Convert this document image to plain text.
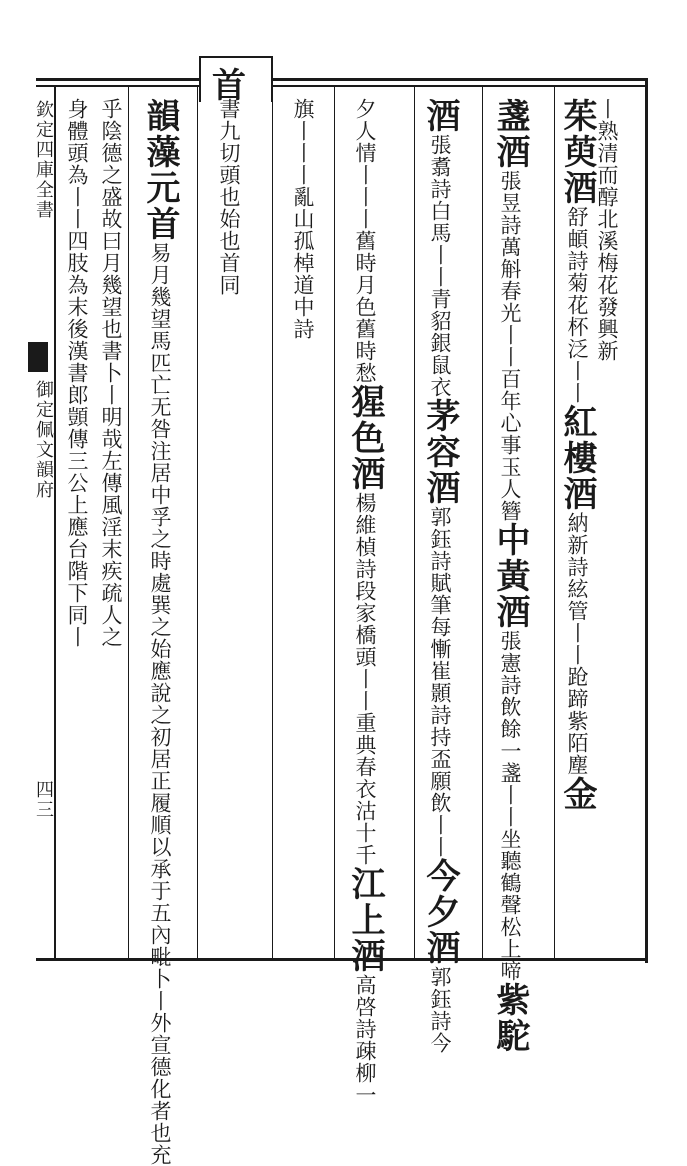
首
欽定四庫全書
御定佩文韻府
四三
丨熟清而醇北溪梅花發興新
茱萸酒舒頔詩菊花杯泛丨丨紅樓酒納新詩絃管丨丨跄蹄紫陌塵金
盞酒張昱詩萬斛春光丨丨百年心事玉人簪中黃酒張憲詩飲餘一盞丨丨坐聽鶴聲松上啼紫駝
酒張翥詩白馬丨丨青貂銀鼠衣茅容酒郭鈺詩賦筆每慚崔顥詩持盃願飲丨丨今夕酒郭鈺詩今
夕人情丨丨丨舊時月色舊時愁猩色酒楊維楨詩段家橋頭丨丨重典春衣沽十千江上酒高啓詩疎柳一
旗丨丨丨亂山孤棹道中詩
書九切頭也始也首同
韻藻元首易月幾望馬匹亡无咎注居中孚之時處巽之始應說之初居正履順以承于五內毗卜丨外宣德化者也充
乎陰德之盛故曰月幾望也書卜丨明哉左傳風淫末疾疏人之
身體頭為丨丨四肢為末後漢書郎顗傳三公上應台階下同丨
